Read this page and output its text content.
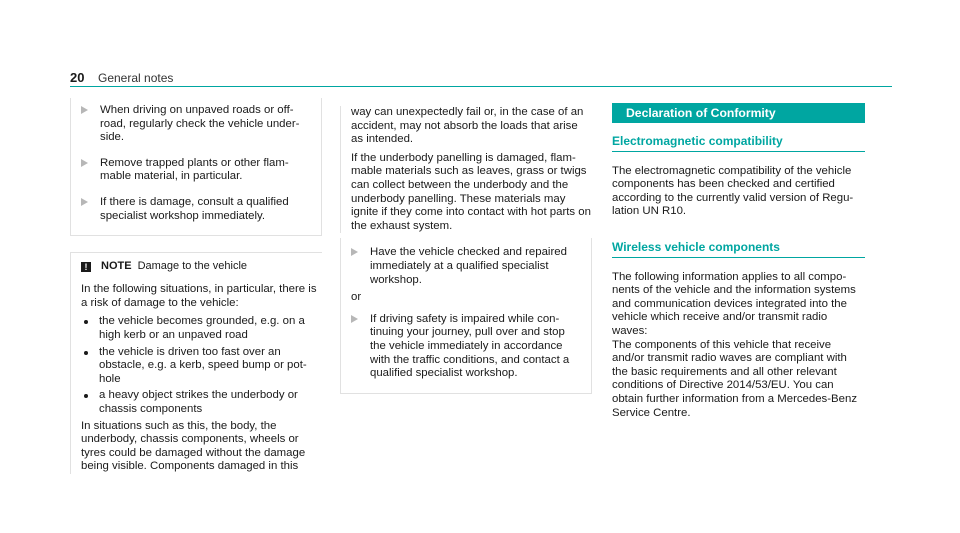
20 General notes
When driving on unpaved roads or off-road, regularly check the vehicle under-side.
Remove trapped plants or other flam-mable material, in particular.
If there is damage, consult a qualified specialist workshop immediately.
!	NOTE Damage to the vehicle

In the following situations, in particular, there is a risk of damage to the vehicle:

the vehicle becomes grounded, e.g. on a high kerb or an unpaved road
the vehicle is driven too fast over an obstacle, e.g. a kerb, speed bump or pot-hole
a heavy object strikes the underbody or chassis components

In situations such as this, the body, the underbody, chassis components, wheels or tyres could be damaged without the damage being visible. Components damaged in this

way can unexpectedly fail or, in the case of an accident, may not absorb the loads that arise as intended.

If the underbody panelling is damaged, flam-mable materials such as leaves, grass or twigs can collect between the underbody and the underbody panelling. These materials may ignite if they come into contact with hot parts on the exhaust system.

Have the vehicle checked and repaired immediately at a qualified specialist workshop.
or
If driving safety is impaired while con-tinuing your journey, pull over and stop the vehicle immediately in accordance with the traffic conditions, and contact a qualified specialist workshop.
Declaration of Conformity
Electromagnetic compatibility

The electromagnetic compatibility of the vehicle components has been checked and certified according to the currently valid version of Regu-lation UN R10.

Wireless vehicle components

The following information applies to all compo-nents of the vehicle and the information systems and communication devices integrated into the vehicle which receive and/or transmit radio waves:

The components of this vehicle that receive and/or transmit radio waves are compliant with the basic requirements and all other relevant conditions of Directive 2014/53/EU. You can obtain further information from a Mercedes-Benz Service Centre.
